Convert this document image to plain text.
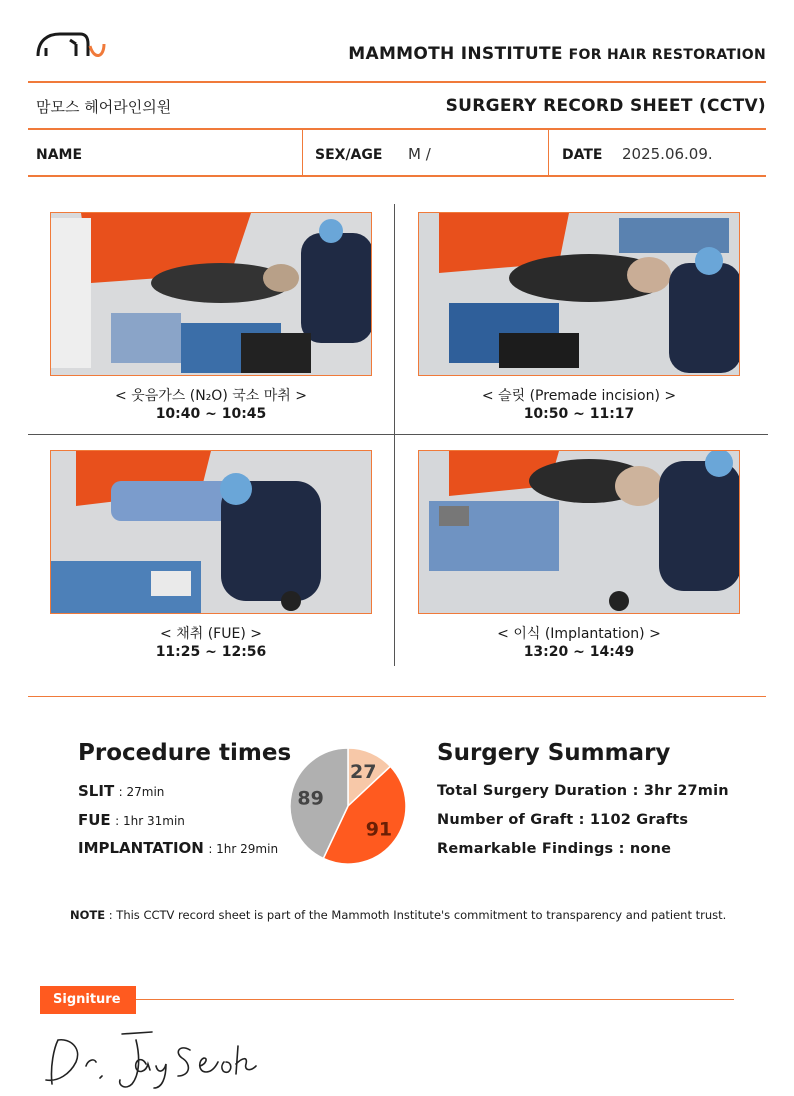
MAMMOTH INSTITUTE FOR HAIR RESTORATION
맘모스 헤어라인의원	SURGERY RECORD SHEET (CCTV)
NAME	SEX/AGE M /	DATE 2025.06.09.
< 웃음가스 (N₂O) 국소 마취 >
10:40 ~ 10:45
< 슬릿 (Premade incision) >
10:50 ~ 11:17
< 채취 (FUE) >
11:25 ~ 12:56
< 이식 (Implantation) >
13:20 ~ 14:49
Procedure times
SLIT : 27min
FUE : 1hr 31min
IMPLANTATION : 1hr 29min
27
91
89
Surgery Summary
Total Surgery Duration : 3hr 27min
Number of Graft : 1102 Grafts
Remarkable Findings : none
NOTE : This CCTV record sheet is part of the Mammoth Institute's commitment to transparency and patient trust.
Signiture
